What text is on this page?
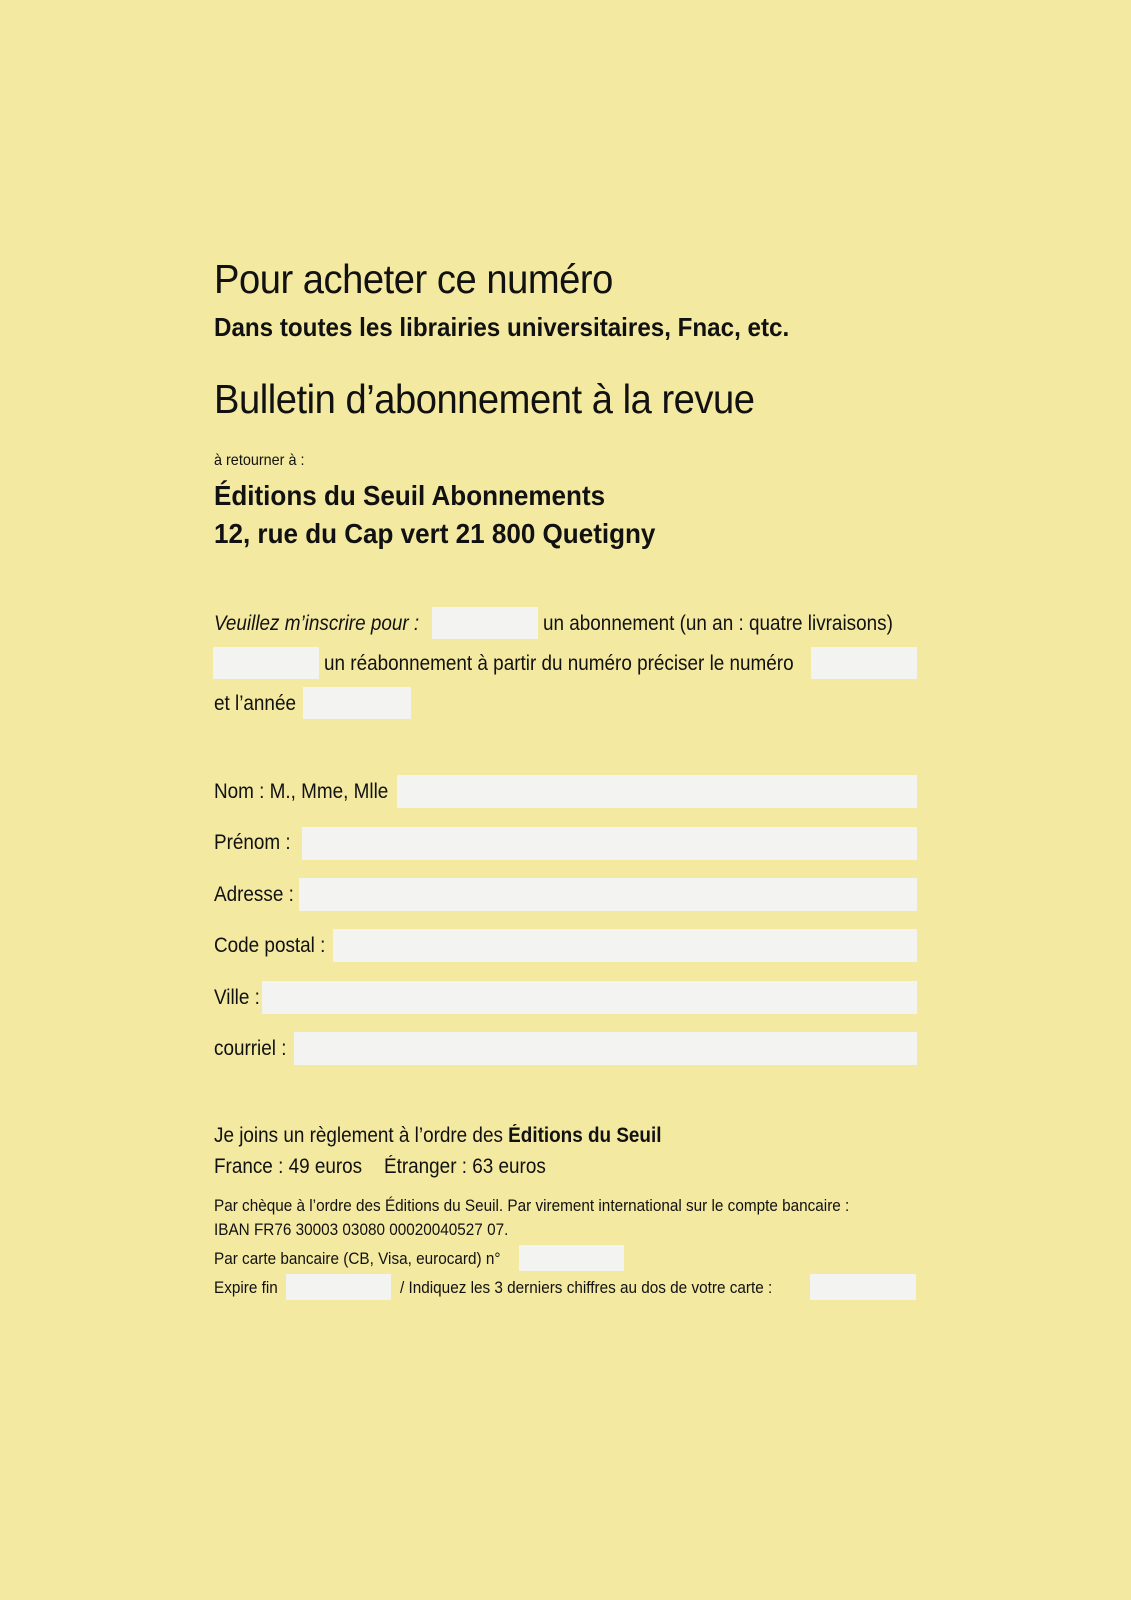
Pour acheter ce numéro
Dans toutes les librairies universitaires, Fnac, etc.
Bulletin d’abonnement à la revue
à retourner à :
Éditions du Seuil Abonnements
12, rue du Cap vert 21 800 Quetigny
Veuillez m’inscrire pour :	un abonnement (un an : quatre livraisons)
un réabonnement à partir du numéro préciser le numéro
et l’année
Nom : M., Mme, Mlle
Prénom :
Adresse :
Code postal :
Ville :
courriel :
Je joins un règlement à l’ordre des Éditions du Seuil
France : 49 euros Étranger : 63 euros
Par chèque à l’ordre des Éditions du Seuil. Par virement international sur le compte bancaire :
IBAN FR76 30003 03080 00020040527 07.
Par carte bancaire (CB, Visa, eurocard) n°
Expire fin	/ Indiquez les 3 derniers chiffres au dos de votre carte :
